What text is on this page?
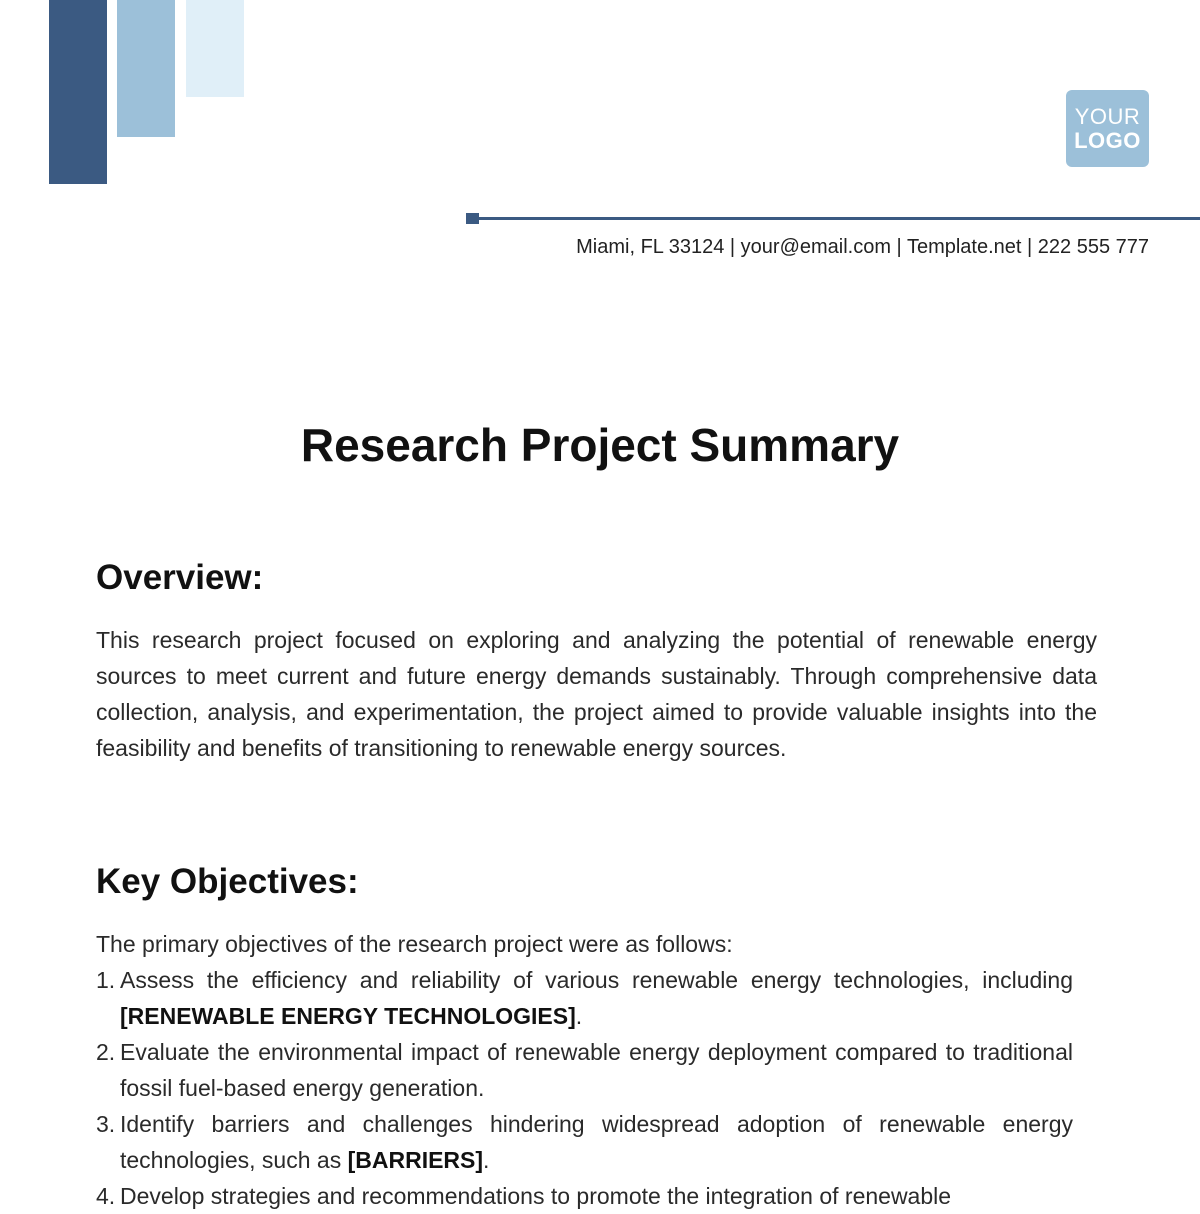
YOUR
LOGO
Miami, FL 33124 | your@email.com | Template.net | 222 555 777
Research Project Summary
Overview:

This research project focused on exploring and analyzing the potential of renewable energy sources to meet current and future energy demands sustainably. Through comprehensive data collection, analysis, and experimentation, the project aimed to provide valuable insights into the feasibility and benefits of transitioning to renewable energy sources.

Key Objectives:
The primary objectives of the research project were as follows:
1. Assess the efficiency and reliability of various renewable energy technologies, including [RENEWABLE ENERGY TECHNOLOGIES].
2. Evaluate the environmental impact of renewable energy deployment compared to traditional fossil fuel-based energy generation.
3. Identify barriers and challenges hindering widespread adoption of renewable energy technologies, such as [BARRIERS].
4. Develop strategies and recommendations to promote the integration of renewable
